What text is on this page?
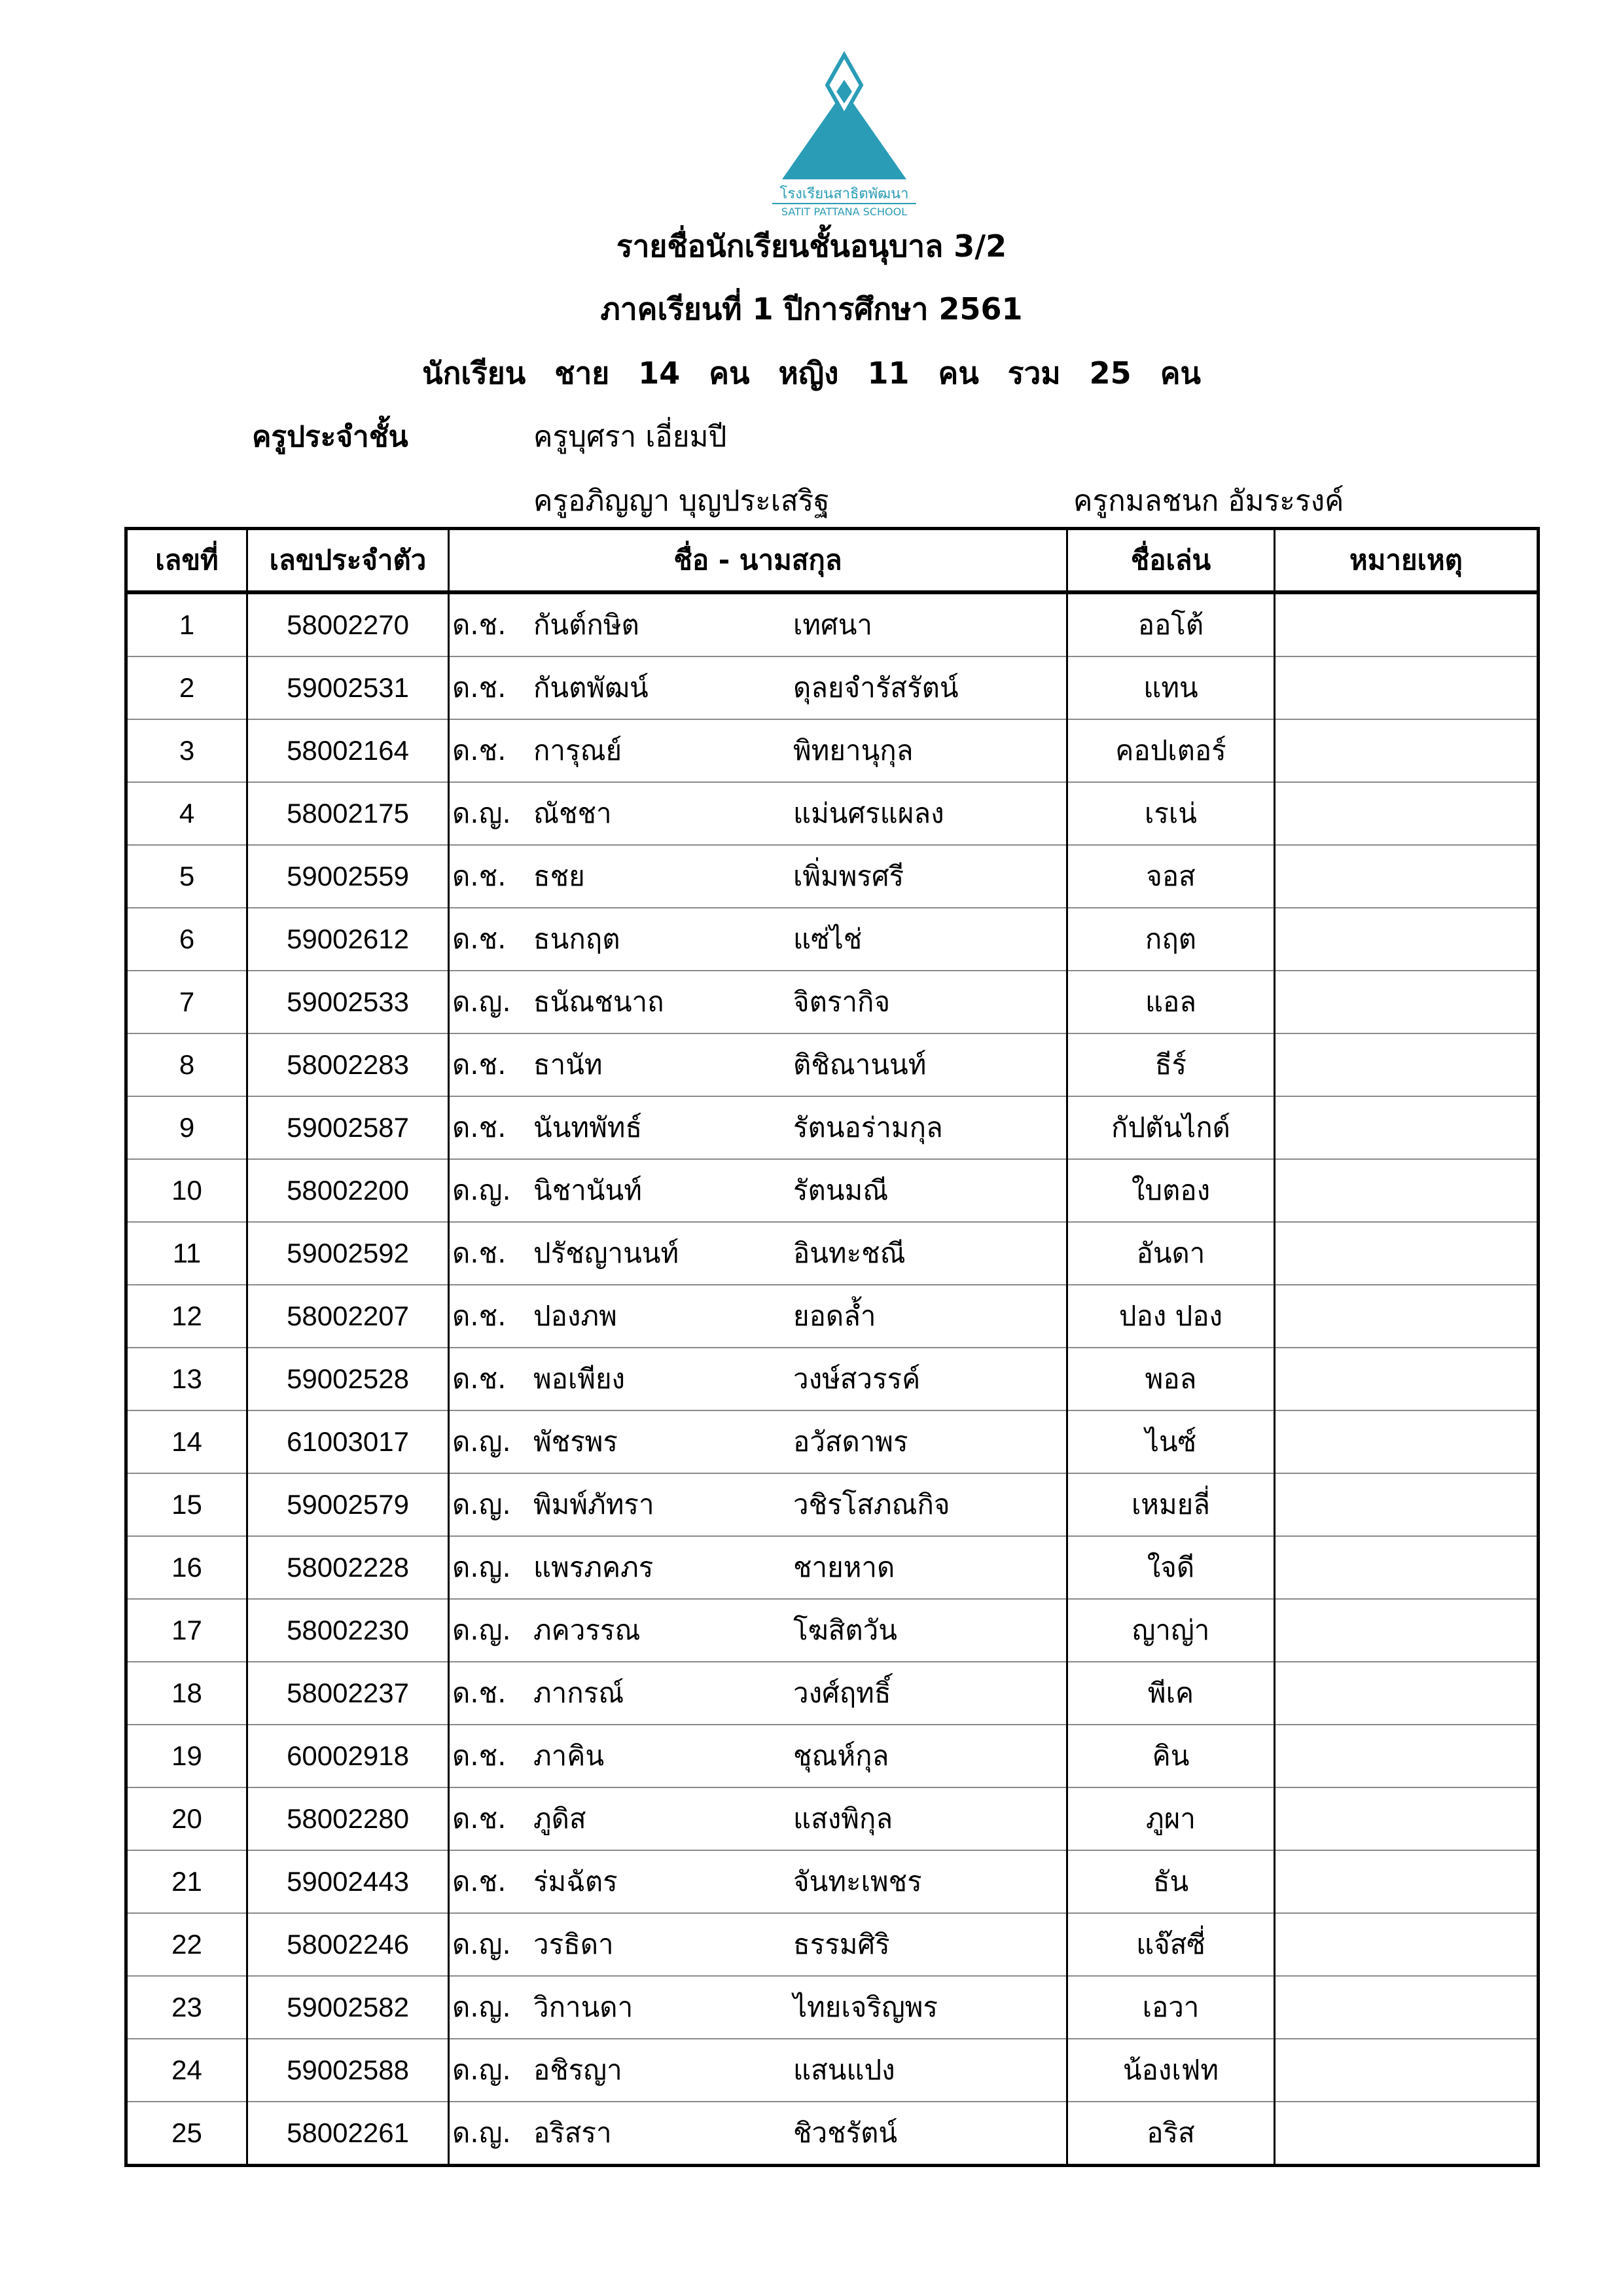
โรงเรียนสาธิตพัฒนา
SATIT PATTANA SCHOOL
รายชื่อนักเรียนชั้นอนุบาล 3/2
ภาคเรียนที่ 1 ปีการศึกษา 2561
นักเรียน ชาย 14 คน หญิง 11 คน รวม 25 คน
ครูประจำชั้น	ครูบุศรา เอี่ยมปี
ครูอภิญญา บุญประเสริฐ	ครูกมลชนก อัมระรงค์
เลขที่	เลขประจำตัว	ชื่อ - นามสกุล	ชื่อเล่น	หมายเหตุ
1	58002270	ด.ช. กันต์กษิต เทศนา	ออโต้	
2	59002531	ด.ช. กันตพัฒน์ ดุลยจำรัสรัตน์	แทน	
3	58002164	ด.ช. การุณย์ พิทยานุกุล	คอปเตอร์	
4	58002175	ด.ญ. ณัชชา แม่นศรแผลง	เรเน่	
5	59002559	ด.ช. ธชย เพิ่มพรศรี	จอส	
6	59002612	ด.ช. ธนกฤต แซ่ไช่	กฤต	
7	59002533	ด.ญ. ธนัณชนาถ จิตรากิจ	แอล	
8	58002283	ด.ช. ธานัท ติชิณานนท์	ธีร์	
9	59002587	ด.ช. นันทพัทธ์ รัตนอร่ามกุล	กัปตันไกด์	
10	58002200	ด.ญ. นิชานันท์ รัตนมณี	ใบตอง	
11	59002592	ด.ช. ปรัชญานนท์ อินทะชณี	อันดา	
12	58002207	ด.ช. ปองภพ ยอดล้ำ	ปอง ปอง	
13	59002528	ด.ช. พอเพียง วงษ์สวรรค์	พอล	
14	61003017	ด.ญ. พัชรพร อวัสดาพร	ไนซ์	
15	59002579	ด.ญ. พิมพ์ภัทรา วชิรโสภณกิจ	เหมยลี่	
16	58002228	ด.ญ. แพรภคภร ชายหาด	ใจดี	
17	58002230	ด.ญ. ภควรรณ โฆสิตวัน	ญาญ่า	
18	58002237	ด.ช. ภากรณ์ วงศ์ฤทธิ์	พีเค	
19	60002918	ด.ช. ภาคิน ชุณห์กุล	คิน	
20	58002280	ด.ช. ภูดิส แสงพิกุล	ภูผา	
21	59002443	ด.ช. ร่มฉัตร จันทะเพชร	ธัน	
22	58002246	ด.ญ. วรธิดา ธรรมศิริ	แจ๊สซี่	
23	59002582	ด.ญ. วิกานดา ไทยเจริญพร	เอวา	
24	59002588	ด.ญ. อชิรญา แสนแปง	น้องเฟท	
25	58002261	ด.ญ. อริสรา ชิวชรัตน์	อริส	
